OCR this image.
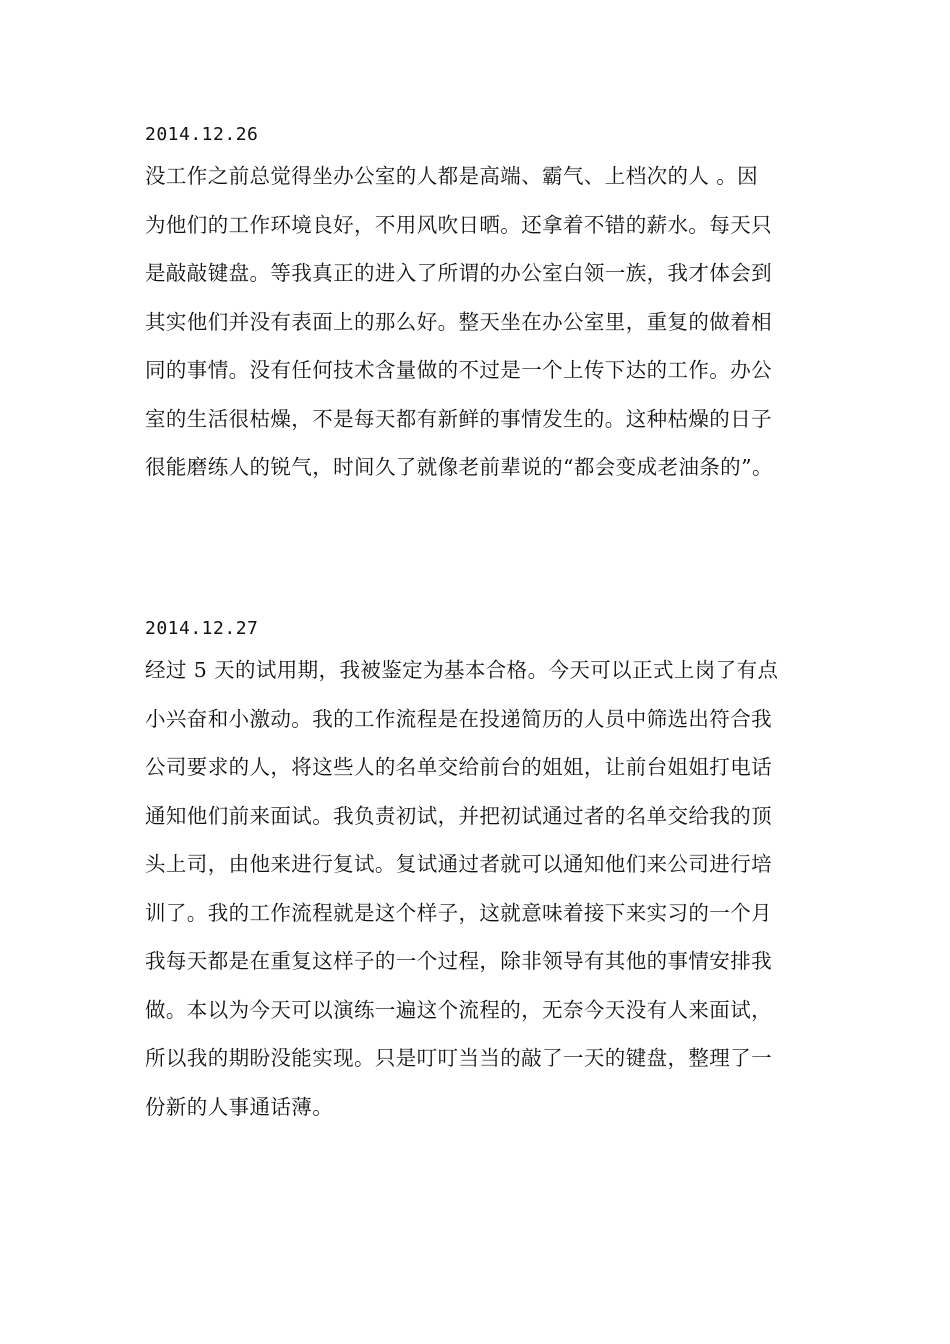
2014.12.26

没工作之前总觉得坐办公室的人都是高端、霸气、上档次的人 。因

为他们的工作环境良好，不用风吹日晒。还拿着不错的薪水。每天只

是敲敲键盘。等我真正的进入了所谓的办公室白领一族，我才体会到

其实他们并没有表面上的那么好。整天坐在办公室里，重复的做着相

同的事情。没有任何技术含量做的不过是一个上传下达的工作。办公

室的生活很枯燥，不是每天都有新鲜的事情发生的。这种枯燥的日子

很能磨练人的锐气，时间久了就像老前辈说的“都会变成老油条的”。

2014.12.27

经过 5 天的试用期，我被鉴定为基本合格。今天可以正式上岗了有点

小兴奋和小激动。我的工作流程是在投递简历的人员中筛选出符合我

公司要求的人，将这些人的名单交给前台的姐姐，让前台姐姐打电话

通知他们前来面试。我负责初试，并把初试通过者的名单交给我的顶

头上司，由他来进行复试。复试通过者就可以通知他们来公司进行培

训了。我的工作流程就是这个样子，这就意味着接下来实习的一个月

我每天都是在重复这样子的一个过程，除非领导有其他的事情安排我

做。本以为今天可以演练一遍这个流程的，无奈今天没有人来面试，

所以我的期盼没能实现。只是叮叮当当的敲了一天的键盘，整理了一

份新的人事通话薄。
